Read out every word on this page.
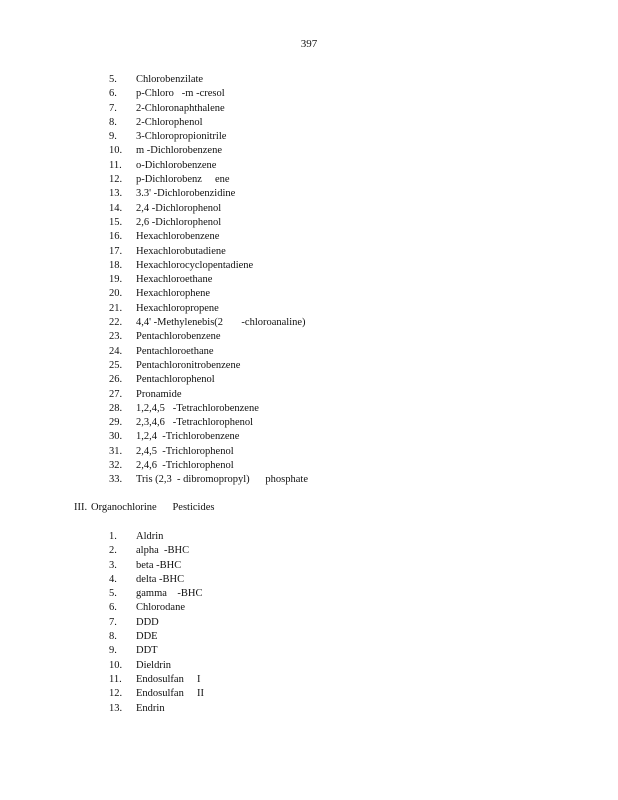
397
5.	Chlorobenzilate
6.	p-Chloro   -m -cresol
7.	2-Chloronaphthalene
8.	2-Chlorophenol
9.	3-Chloropropionitrile
10.	m -Dichlorobenzene
11.	o-Dichlorobenzene
12.	p-Dichlorobenz     ene
13.	3.3' -Dichlorobenzidine
14.	2,4 -Dichlorophenol
15.	2,6 -Dichlorophenol
16.	Hexachlorobenzene
17.	Hexachlorobutadiene
18.	Hexachlorocyclopentadiene
19.	Hexachloroethane
20.	Hexachlorophene
21.	Hexachloropropene
22.	4,4' -Methylenebis(2       -chloroanaline)
23.	Pentachlorobenzene
24.	Pentachloroethane
25.	Pentachloronitrobenzene
26.	Pentachlorophenol
27.	Pronamide
28.	1,2,4,5   -Tetrachlorobenzene
29.	2,3,4,6   -Tetrachlorophenol
30.	1,2,4  -Trichlorobenzene
31.	2,4,5  -Trichlorophenol
32.	2,4,6  -Trichlorophenol
33.	Tris (2,3  - dibromopropyl)      phosphate
III. Organochlorine      Pesticides
1.	Aldrin
2.	alpha  -BHC
3.	beta -BHC
4.	delta -BHC
5.	gamma    -BHC
6.	Chlorodane
7.	DDD
8.	DDE
9.	DDT
10.	Dieldrin
11.	Endosulfan     I
12.	Endosulfan     II
13.	Endrin
